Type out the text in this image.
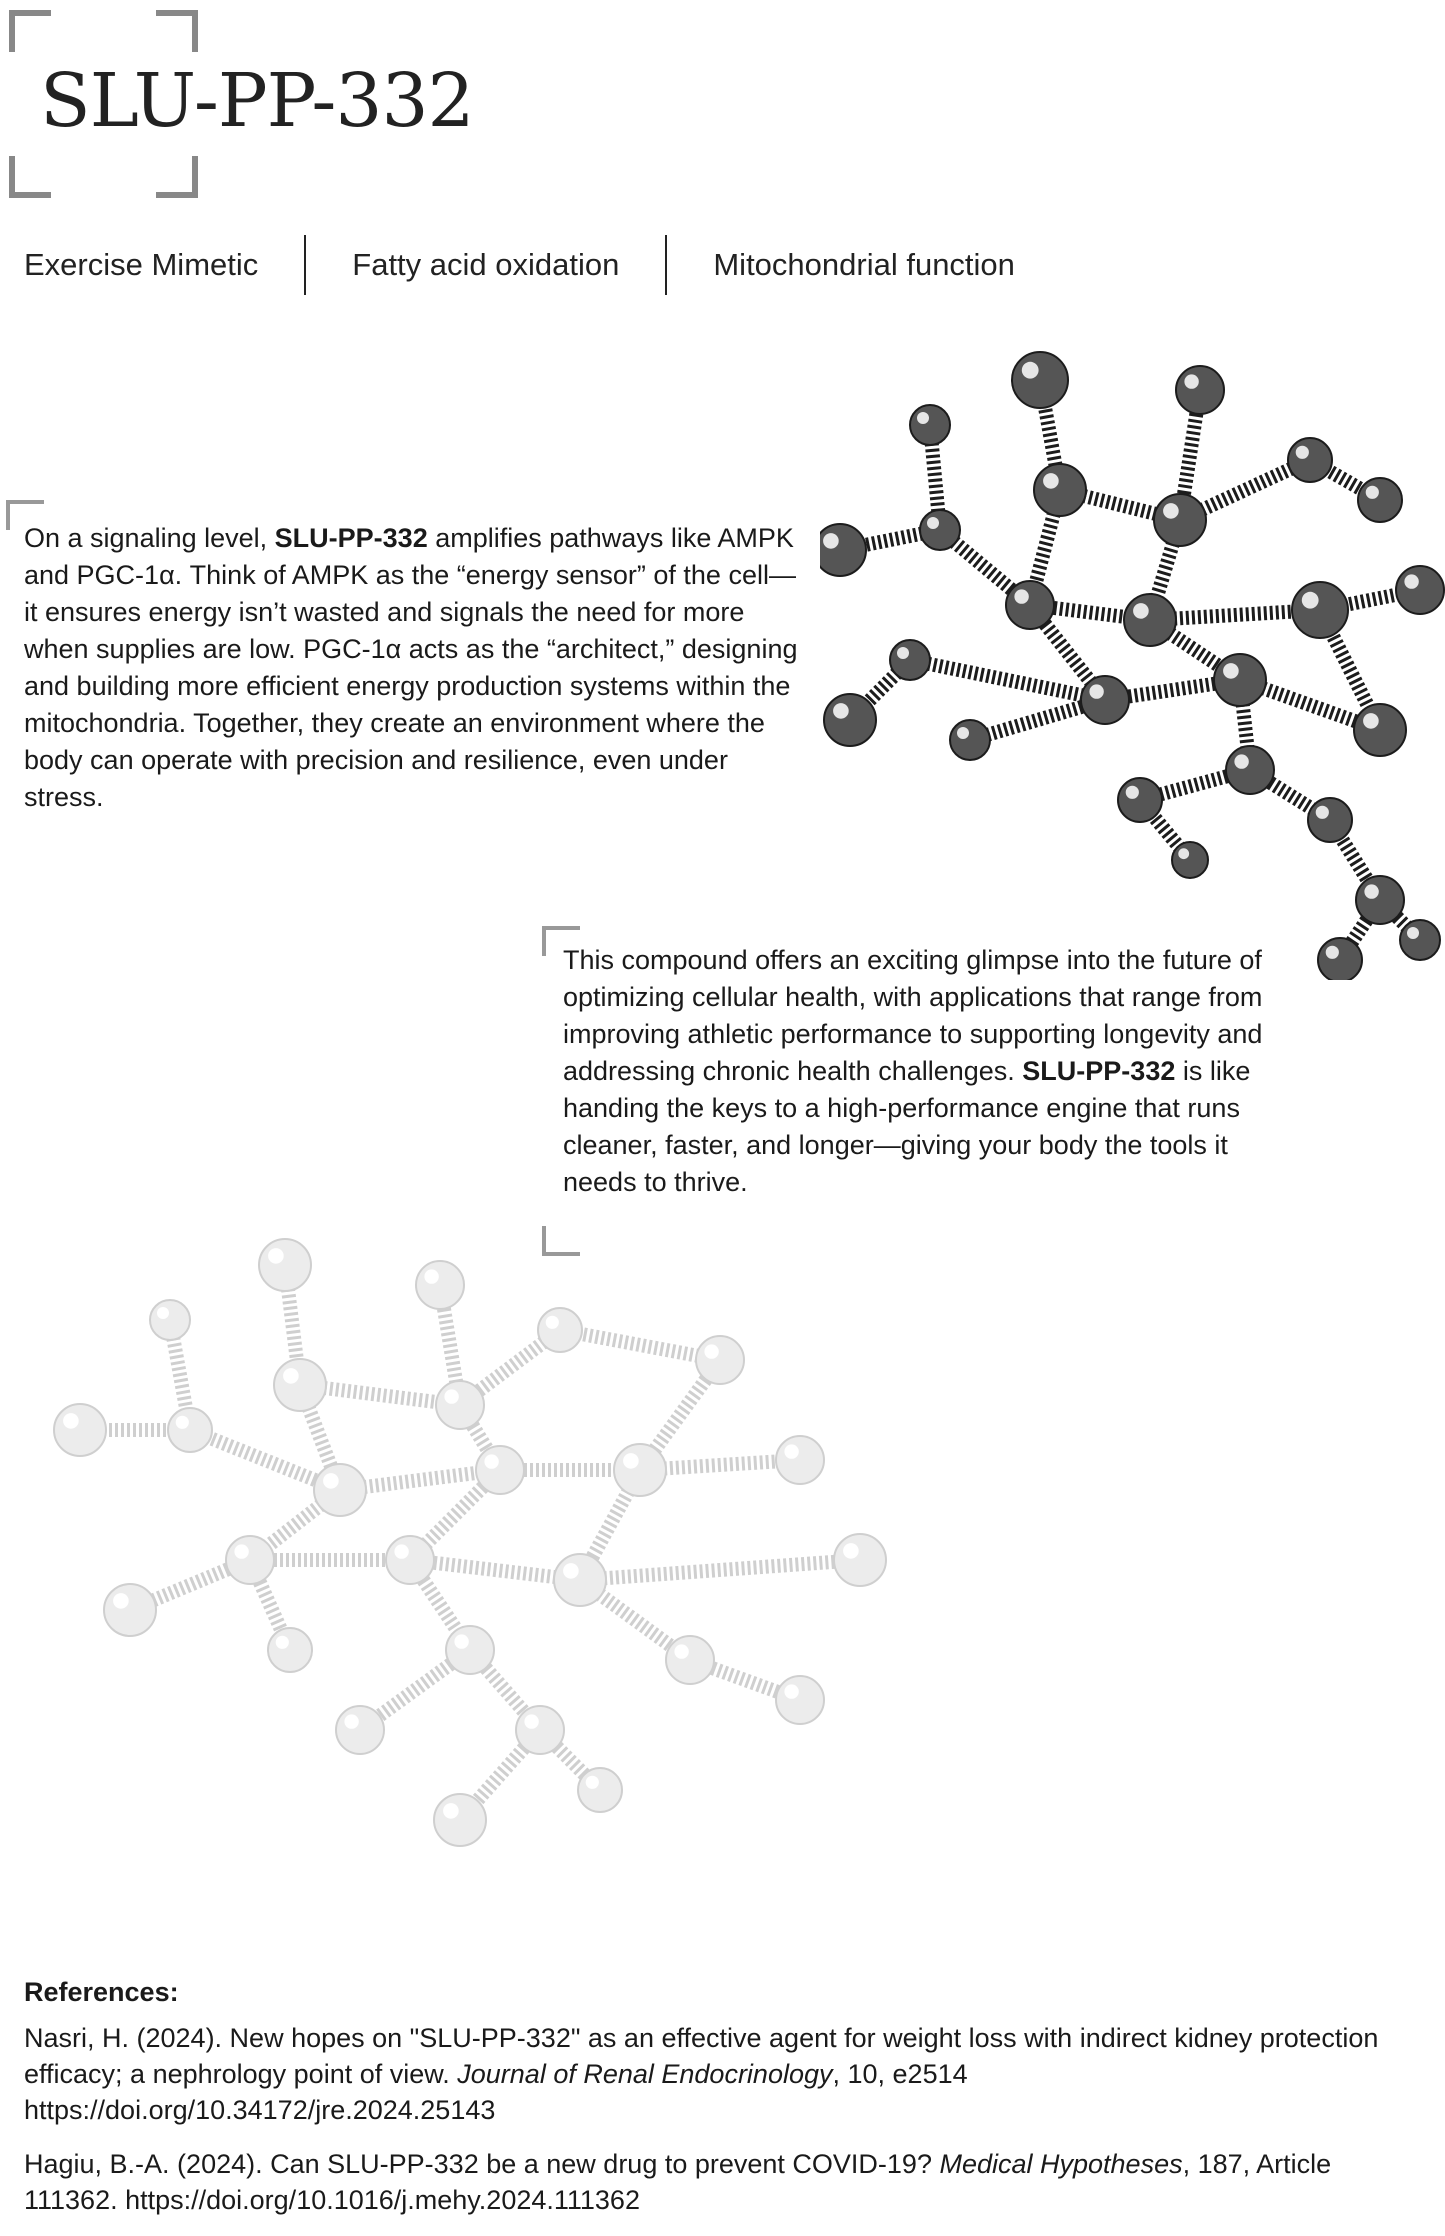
SLU-PP-332
Exercise Mimetic	Fatty acid oxidation	Mitochondrial function

On a signaling level, SLU-PP-332 amplifies pathways like AMPK and PGC-1α. Think of AMPK as the “energy sensor” of the cell—it ensures energy isn’t wasted and signals the need for more when supplies are low. PGC-1α acts as the “architect,” designing and building more efficient energy production systems within the mitochondria. Together, they create an environment where the body can operate with precision and resilience, even under stress.

This compound offers an exciting glimpse into the future of optimizing cellular health, with applications that range from improving athletic performance to supporting longevity and addressing chronic health challenges. SLU-PP-332 is like handing the keys to a high-performance engine that runs cleaner, faster, and longer—giving your body the tools it needs to thrive.

References:

Nasri, H. (2024). New hopes on "SLU-PP-332" as an effective agent for weight loss with indirect kidney protection efficacy; a nephrology point of view. Journal of Renal Endocrinology, 10, e2514 https://doi.org/10.34172/jre.2024.25143

Hagiu, B.-A. (2024). Can SLU-PP-332 be a new drug to prevent COVID-19? Medical Hypotheses, 187, Article 111362. https://doi.org/10.1016/j.mehy.2024.111362
